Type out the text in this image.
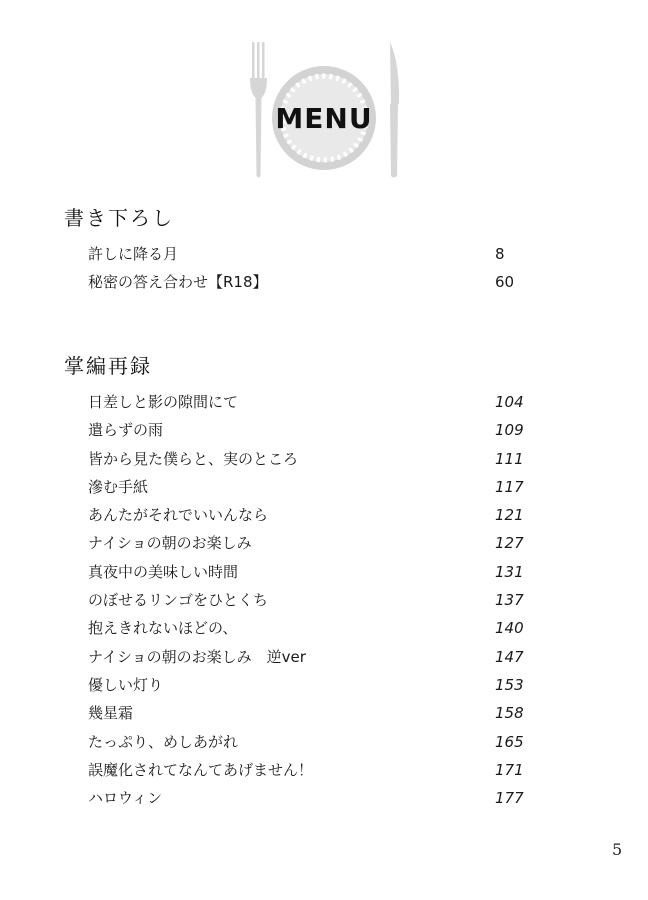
MENU
書き下ろし
許しに降る月	8
秘密の答え合わせ【R18】	60
掌編再録
日差しと影の隙間にて	104
遣らずの雨	109
皆から見た僕らと、実のところ	111
滲む手紙	117
あんたがそれでいいんなら	121
ナイショの朝のお楽しみ	127
真夜中の美味しい時間	131
のぼせるリンゴをひとくち	137
抱えきれないほどの、	140
ナイショの朝のお楽しみ　逆ver	147
優しい灯り	153
幾星霜	158
たっぷり、めしあがれ	165
誤魔化されてなんてあげません！	171
ハロウィン	177
5
